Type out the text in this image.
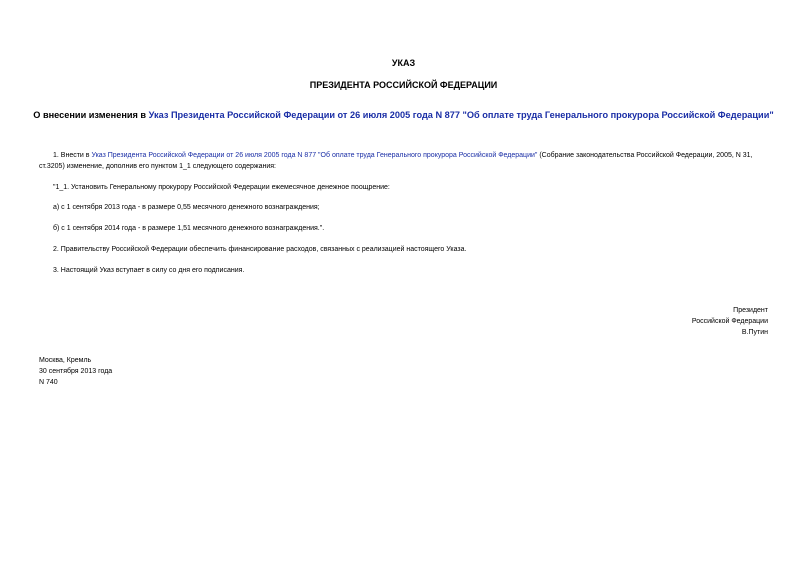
УКАЗ
ПРЕЗИДЕНТА РОССИЙСКОЙ ФЕДЕРАЦИИ
О внесении изменения в Указ Президента Российской Федерации от 26 июля 2005 года N 877 "Об оплате труда Генерального прокурора Российской Федерации"
1. Внести в Указ Президента Российской Федерации от 26 июля 2005 года N 877 "Об оплате труда Генерального прокурора Российской Федерации" (Собрание законодательства Российской Федерации, 2005, N 31, ст.3205) изменение, дополнив его пунктом 1_1 следующего содержания:
"1_1. Установить Генеральному прокурору Российской Федерации ежемесячное денежное поощрение:
а) с 1 сентября 2013 года - в размере 0,55 месячного денежного вознаграждения;
б) с 1 сентября 2014 года - в размере 1,51 месячного денежного вознаграждения.".
2. Правительству Российской Федерации обеспечить финансирование расходов, связанных с реализацией настоящего Указа.
3. Настоящий Указ вступает в силу со дня его подписания.
Президент
Российской Федерации
В.Путин
Москва, Кремль
30 сентября 2013 года
N 740
